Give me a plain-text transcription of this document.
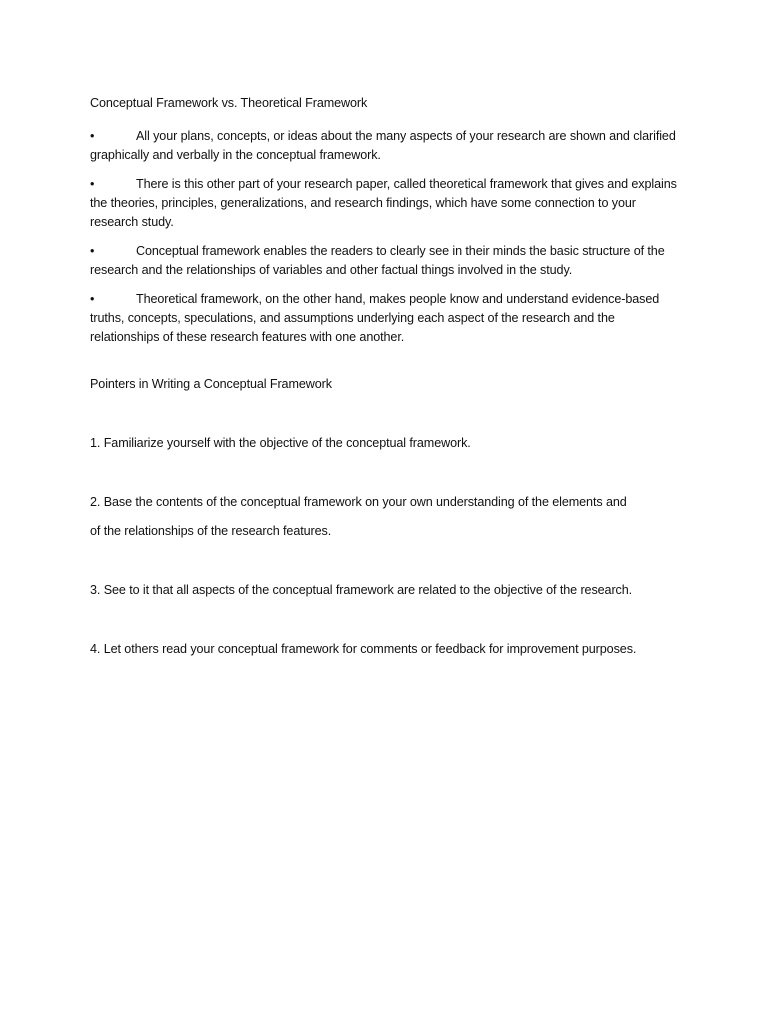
Conceptual Framework vs. Theoretical Framework
•	All your plans, concepts, or ideas about the many aspects of your research are shown and clarified graphically and verbally in the conceptual framework.
•	There is this other part of your research paper, called theoretical framework that gives and explains the theories, principles, generalizations, and research findings, which have some connection to your research study.
•	Conceptual framework enables the readers to clearly see in their minds the basic structure of the research and the relationships of variables and other factual things involved in the study.
•	Theoretical framework, on the other hand, makes people know and understand evidence-based truths, concepts, speculations, and assumptions underlying each aspect of the research and the relationships of these research features with one another.
Pointers in Writing a Conceptual Framework
1. Familiarize yourself with the objective of the conceptual framework.
2. Base the contents of the conceptual framework on your own understanding of the elements and
of the relationships of the research features.
3. See to it that all aspects of the conceptual framework are related to the objective of the research.
4. Let others read your conceptual framework for comments or feedback for improvement purposes.
